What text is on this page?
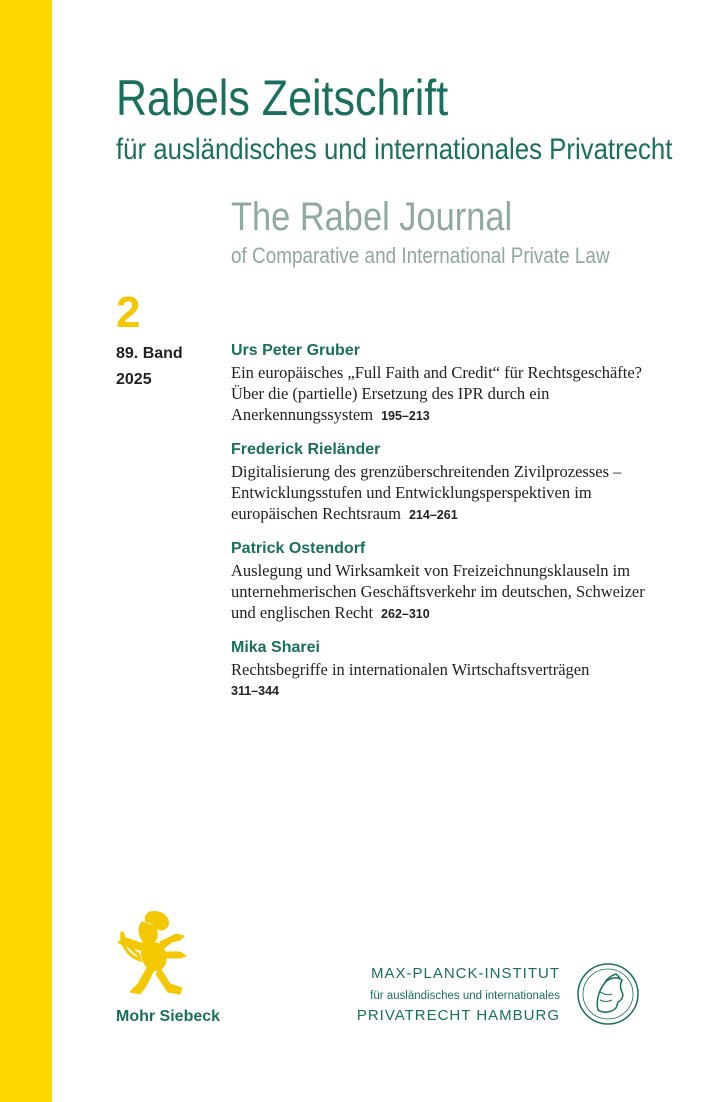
Rabels Zeitschrift
für ausländisches und internationales Privatrecht
The Rabel Journal
of Comparative and International Private Law
2
89. Band
2025
Urs Peter Gruber
Ein europäisches „Full Faith and Credit“ für Rechtsgeschäfte? Über die (partielle) Ersetzung des IPR durch ein Anerkennungssystem 195–213
Frederick Rieländer
Digitalisierung des grenzüberschreitenden Zivilprozesses – Entwicklungsstufen und Entwicklungsperspektiven im europäischen Rechtsraum 214–261
Patrick Ostendorf
Auslegung und Wirksamkeit von Freizeichnungsklauseln im unternehmerischen Geschäftsverkehr im deutschen, Schweizer und englischen Recht 262–310
Mika Sharei
Rechtsbegriffe in internationalen Wirtschaftsverträgen
311–344
Mohr Siebeck
MAX-PLANCK-INSTITUT
für ausländisches und internationales
PRIVATRECHT HAMBURG
